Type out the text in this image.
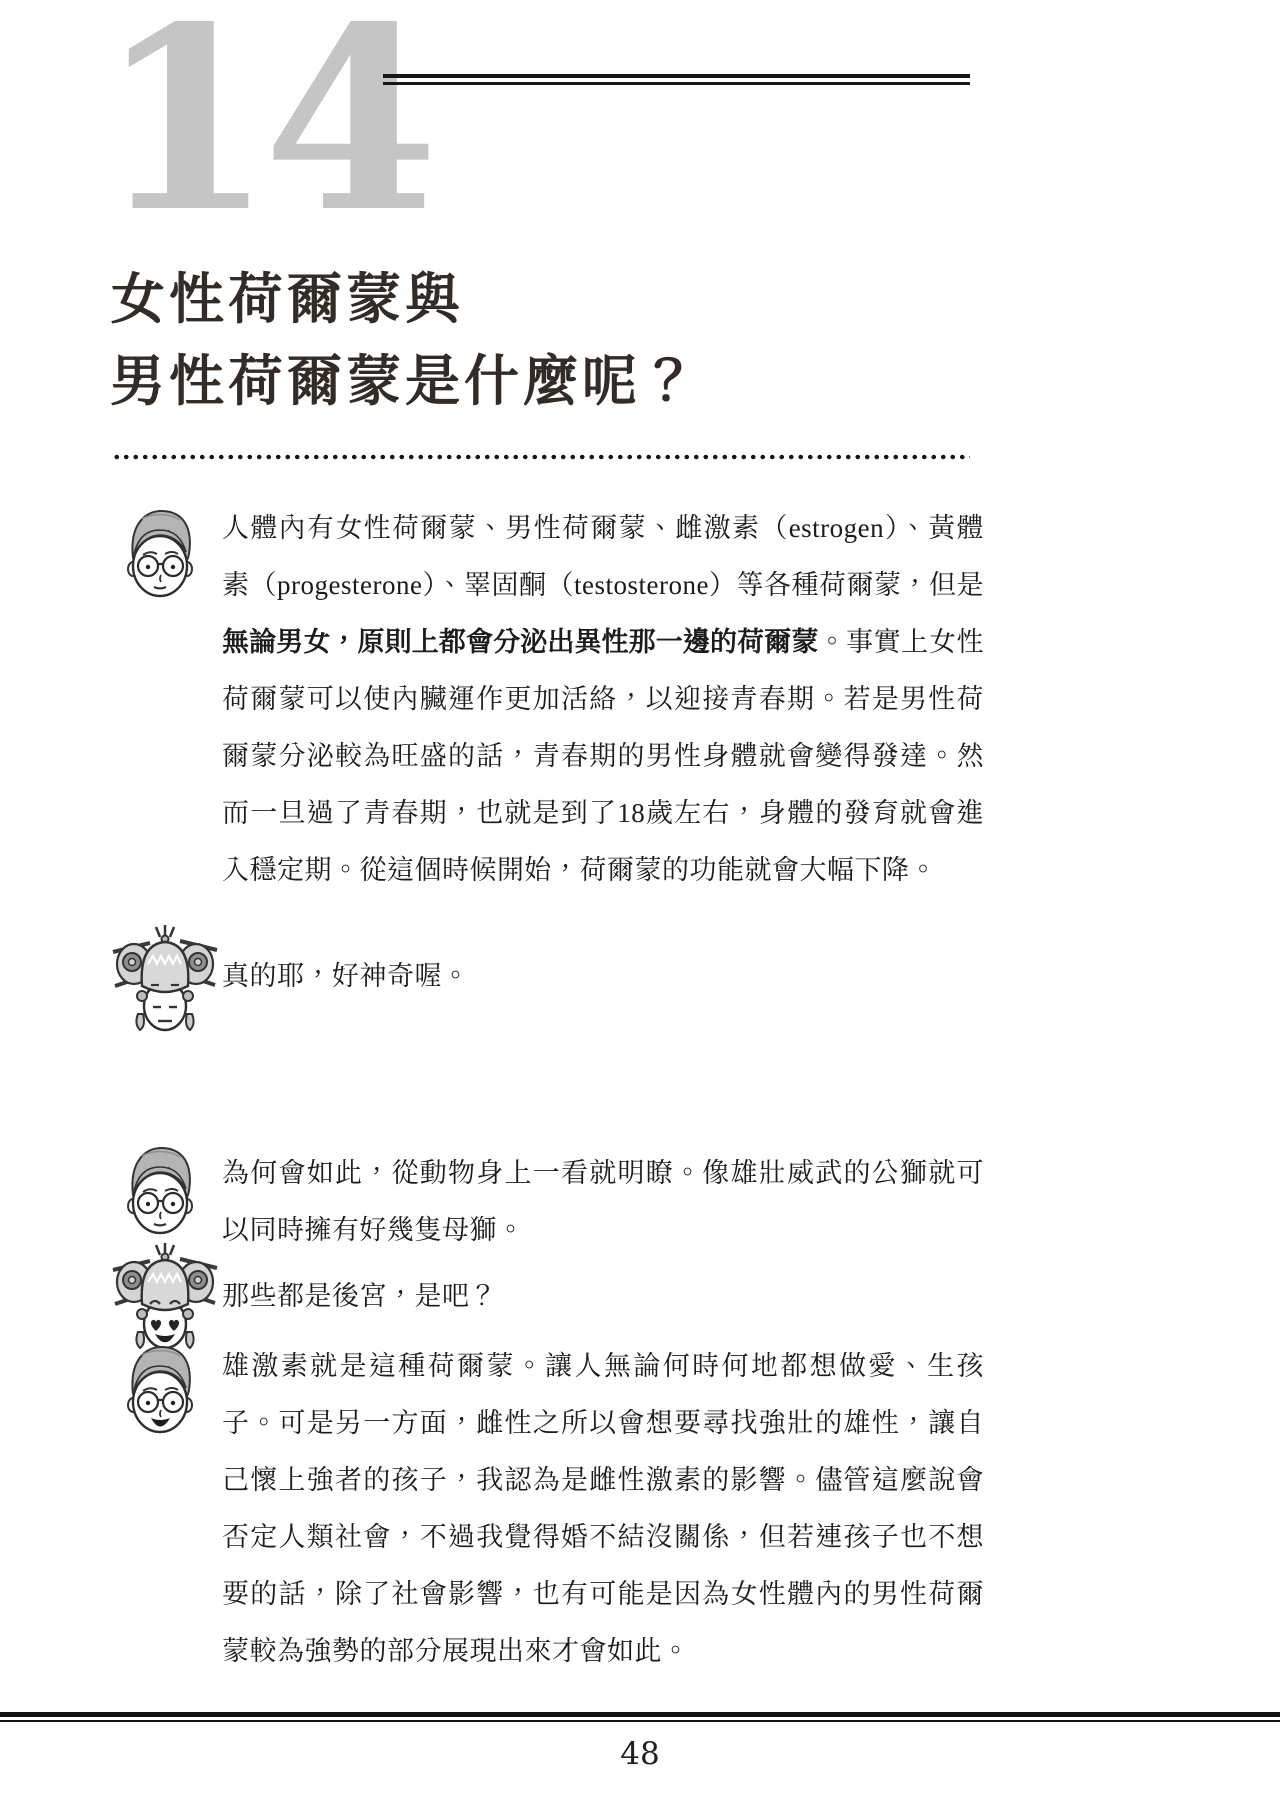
14
女性荷爾蒙與
男性荷爾蒙是什麼呢？

人體內有女性荷爾蒙、男性荷爾蒙、雌激素（estrogen）、黃體素（progesterone）、睪固酮（testosterone）等各種荷爾蒙，但是無論男女，原則上都會分泌出異性那一邊的荷爾蒙。事實上女性荷爾蒙可以使內臟運作更加活絡，以迎接青春期。若是男性荷爾蒙分泌較為旺盛的話，青春期的男性身體就會變得發達。然而一旦過了青春期，也就是到了18歲左右，身體的發育就會進入穩定期。從這個時候開始，荷爾蒙的功能就會大幅下降。

真的耶，好神奇喔。

為何會如此，從動物身上一看就明瞭。像雄壯威武的公獅就可以同時擁有好幾隻母獅。

那些都是後宮，是吧？

雄激素就是這種荷爾蒙。讓人無論何時何地都想做愛、生孩子。可是另一方面，雌性之所以會想要尋找強壯的雄性，讓自己懷上強者的孩子，我認為是雌性激素的影響。儘管這麼說會否定人類社會，不過我覺得婚不結沒關係，但若連孩子也不想要的話，除了社會影響，也有可能是因為女性體內的男性荷爾蒙較為強勢的部分展現出來才會如此。

48
